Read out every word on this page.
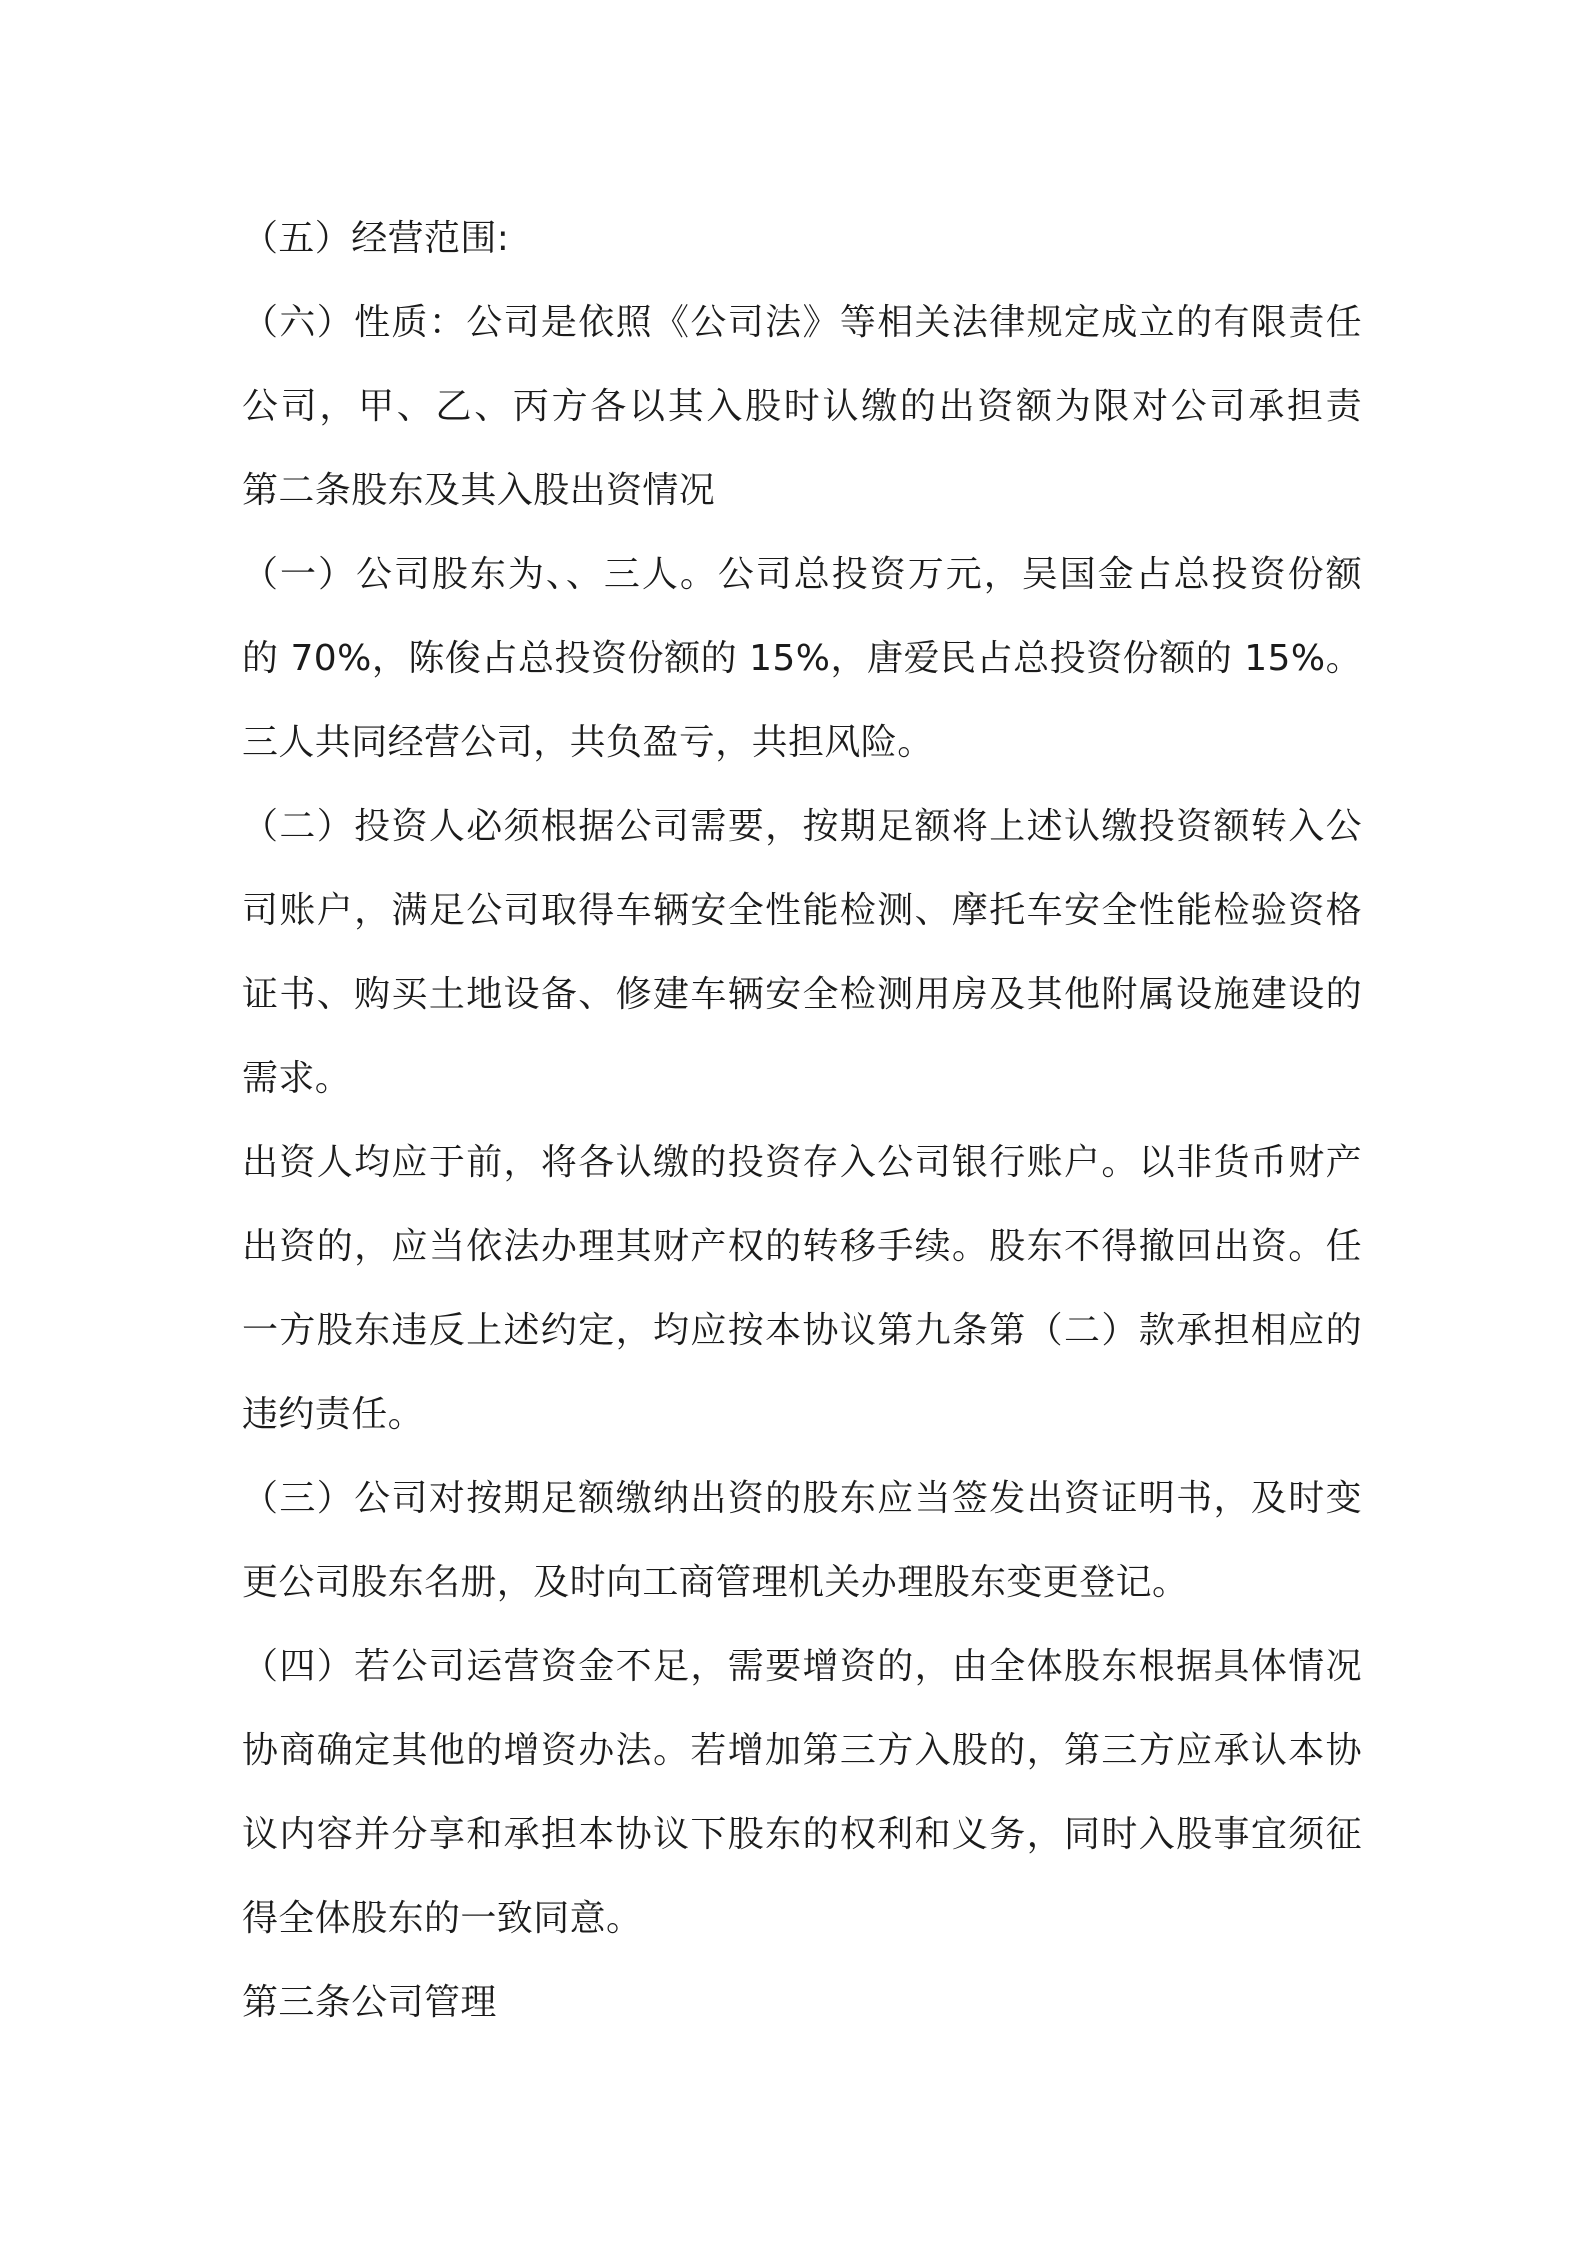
（五）经营范围:
（六）性质：公司是依照《公司法》等相关法律规定成立的有限责任
公司，甲、乙、丙方各以其入股时认缴的出资额为限对公司承担责
第二条股东及其入股出资情况
（一）公司股东为、、三人。公司总投资万元，吴国金占总投资份额
的 70%，陈俊占总投资份额的 15%，唐爱民占总投资份额的 15%。
三人共同经营公司，共负盈亏，共担风险。
（二）投资人必须根据公司需要，按期足额将上述认缴投资额转入公
司账户，满足公司取得车辆安全性能检测、摩托车安全性能检验资格
证书、购买土地设备、修建车辆安全检测用房及其他附属设施建设的
需求。
出资人均应于前，将各认缴的投资存入公司银行账户。以非货币财产
出资的，应当依法办理其财产权的转移手续。股东不得撤回出资。任
一方股东违反上述约定，均应按本协议第九条第（二）款承担相应的
违约责任。
（三）公司对按期足额缴纳出资的股东应当签发出资证明书，及时变
更公司股东名册，及时向工商管理机关办理股东变更登记。
（四）若公司运营资金不足，需要增资的，由全体股东根据具体情况
协商确定其他的增资办法。若增加第三方入股的，第三方应承认本协
议内容并分享和承担本协议下股东的权利和义务，同时入股事宜须征
得全体股东的一致同意。
第三条公司管理
